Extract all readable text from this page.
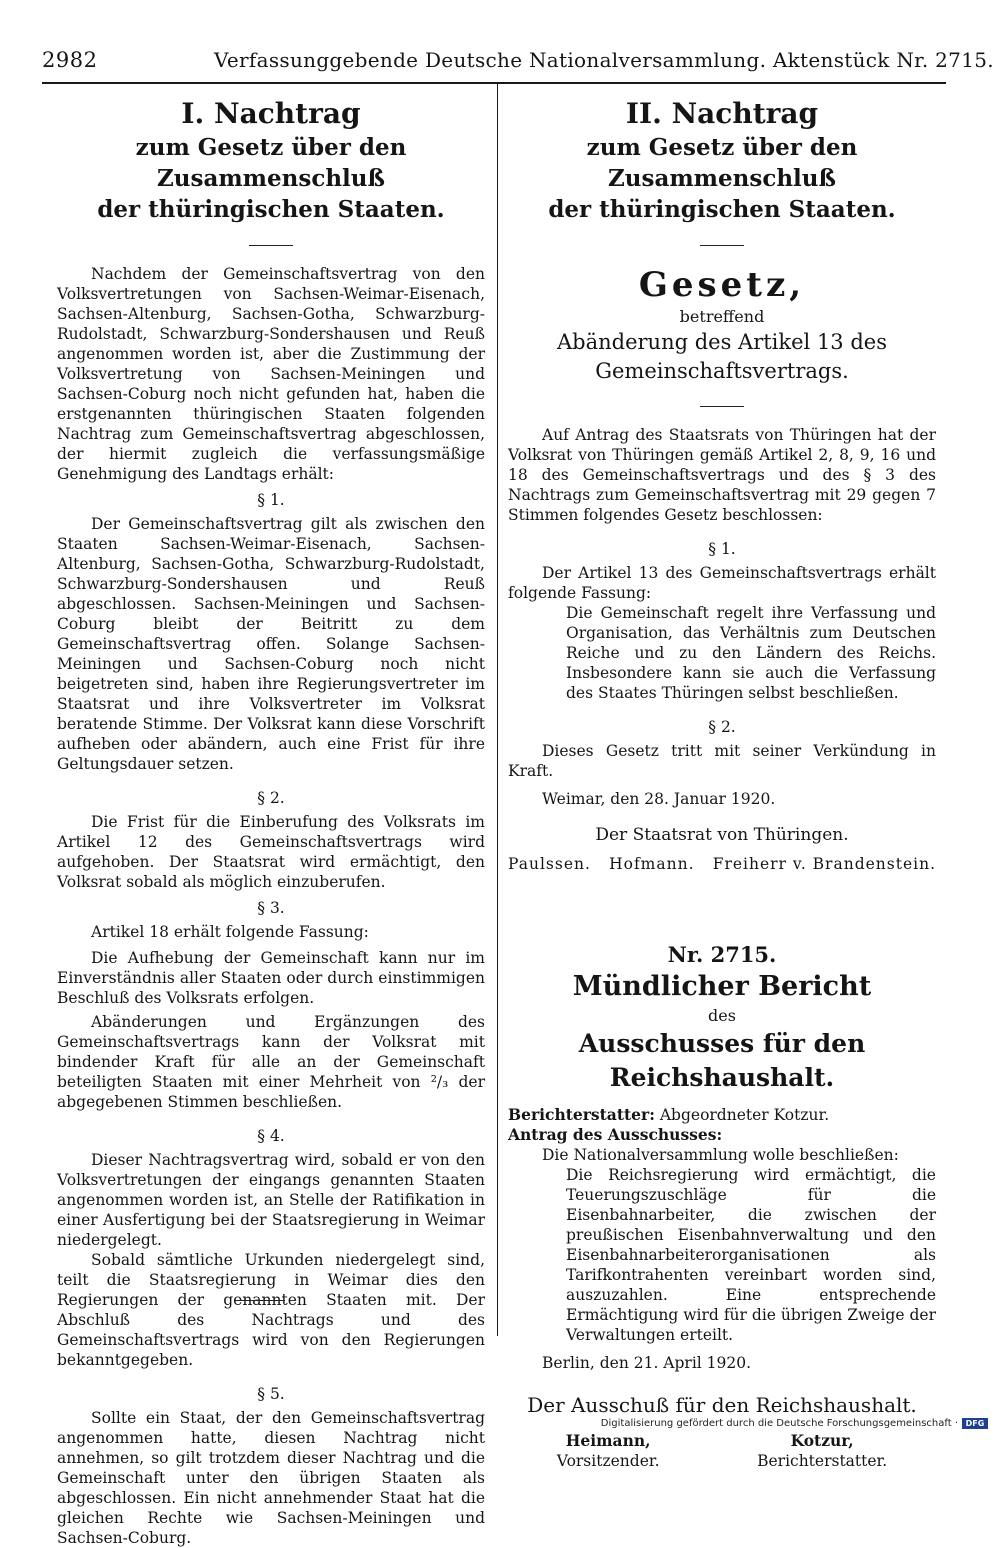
2982	Verfassunggebende Deutsche Nationalversammlung. Aktenstück Nr. 2715.
I. Nachtrag
zum Gesetz über den Zusammenschluß
der thüringischen Staaten.

Nachdem der Gemeinschaftsvertrag von den Volksvertretungen von Sachsen-Weimar-Eisenach, Sachsen-Altenburg, Sachsen-Gotha, Schwarzburg-Rudolstadt, Schwarzburg-Sondershausen und Reuß angenommen worden ist, aber die Zustimmung der Volksvertretung von Sachsen-Meiningen und Sachsen-Coburg noch nicht gefunden hat, haben die erstgenannten thüringischen Staaten folgenden Nachtrag zum Gemeinschaftsvertrag abgeschlossen, der hiermit zugleich die verfassungsmäßige Genehmigung des Landtags erhält:

§ 1.

Der Gemeinschaftsvertrag gilt als zwischen den Staaten Sachsen-Weimar-Eisenach, Sachsen-Altenburg, Sachsen-Gotha, Schwarzburg-Rudolstadt, Schwarzburg-Sondershausen und Reuß abgeschlossen. Sachsen-Meiningen und Sachsen-Coburg bleibt der Beitritt zu dem Gemeinschaftsvertrag offen. Solange Sachsen-Meiningen und Sachsen-Coburg noch nicht beigetreten sind, haben ihre Regierungsvertreter im Staatsrat und ihre Volksvertreter im Volksrat beratende Stimme. Der Volksrat kann diese Vorschrift aufheben oder abändern, auch eine Frist für ihre Geltungsdauer setzen.

§ 2.

Die Frist für die Einberufung des Volksrats im Artikel 12 des Gemeinschaftsvertrags wird aufgehoben. Der Staatsrat wird ermächtigt, den Volksrat sobald als möglich einzuberufen.

§ 3.

Artikel 18 erhält folgende Fassung:

Die Aufhebung der Gemeinschaft kann nur im Einverständnis aller Staaten oder durch einstimmigen Beschluß des Volksrats erfolgen.

Abänderungen und Ergänzungen des Gemeinschaftsvertrags kann der Volksrat mit bindender Kraft für alle an der Gemeinschaft beteiligten Staaten mit einer Mehrheit von ²/₃ der abgegebenen Stimmen beschließen.

§ 4.

Dieser Nachtragsvertrag wird, sobald er von den Volksvertretungen der eingangs genannten Staaten angenommen worden ist, an Stelle der Ratifikation in einer Ausfertigung bei der Staatsregierung in Weimar niedergelegt.

Sobald sämtliche Urkunden niedergelegt sind, teilt die Staatsregierung in Weimar dies den Regierungen der genannten Staaten mit. Der Abschluß des Nachtrags und des Gemeinschaftsvertrags wird von den Regierungen bekanntgegeben.

§ 5.

Sollte ein Staat, der den Gemeinschaftsvertrag angenommen hatte, diesen Nachtrag nicht annehmen, so gilt trotzdem dieser Nachtrag und die Gemeinschaft unter den übrigen Staaten als abgeschlossen. Ein nicht annehmender Staat hat die gleichen Rechte wie Sachsen-Meiningen und Sachsen-Coburg.

II. Nachtrag
zum Gesetz über den Zusammenschluß
der thüringischen Staaten.
Gesetz,
betreffend
Abänderung des Artikel 13 des Gemeinschaftsvertrags.

Auf Antrag des Staatsrats von Thüringen hat der Volksrat von Thüringen gemäß Artikel 2, 8, 9, 16 und 18 des Gemeinschaftsvertrags und des § 3 des Nachtrags zum Gemeinschaftsvertrag mit 29 gegen 7 Stimmen folgendes Gesetz beschlossen:

§ 1.

Der Artikel 13 des Gemeinschaftsvertrags erhält folgende Fassung:

Die Gemeinschaft regelt ihre Verfassung und Organisation, das Verhältnis zum Deutschen Reiche und zu den Ländern des Reichs. Insbesondere kann sie auch die Verfassung des Staates Thüringen selbst beschließen.

§ 2.

Dieses Gesetz tritt mit seiner Verkündung in Kraft.

Weimar, den 28. Januar 1920.

Der Staatsrat von Thüringen.
Paulssen. Hofmann. Freiherr v. Brandenstein.
Nr. 2715.
Mündlicher Bericht
des
Ausschusses für den Reichshaushalt.

Berichterstatter: Abgeordneter Kotzur.

Antrag des Ausschusses:

Die Nationalversammlung wolle beschließen:

Die Reichsregierung wird ermächtigt, die Teuerungszuschläge für die Eisenbahnarbeiter, die zwischen der preußischen Eisenbahnverwaltung und den Eisenbahnarbeiterorganisationen als Tarifkontrahenten vereinbart worden sind, auszuzahlen. Eine entsprechende Ermächtigung wird für die übrigen Zweige der Verwaltungen erteilt.

Berlin, den 21. April 1920.

Der Ausschuß für den Reichshaushalt.
Heimann,
Vorsitzender.
Kotzur,
Berichterstatter.
Digitalisierung gefördert durch die Deutsche Forschungsgemeinschaft · DFG
